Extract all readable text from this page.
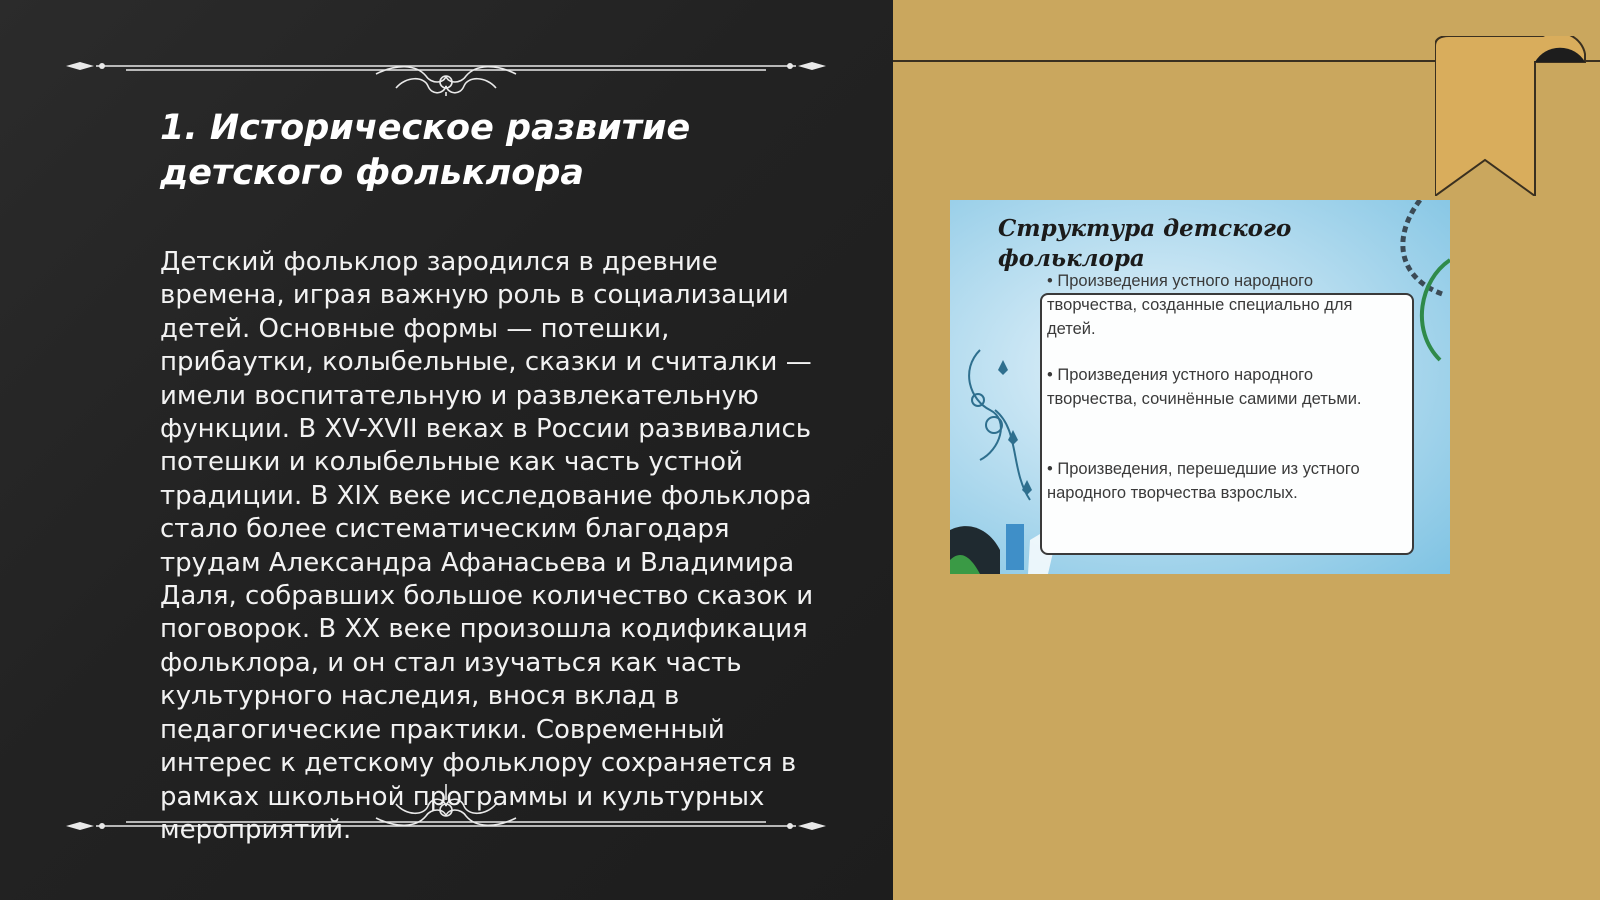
1. Историческое развитие детского фольклора

Детский фольклор зародился в древние времена, играя важную роль в социализации детей. Основные формы — потешки, прибаутки, колыбельные, сказки и считалки — имели воспитательную и развлекательную функции. В XV-XVII веках в России развивались потешки и колыбельные как часть устной традиции. В XIX веке исследование фольклора стало более систематическим благодаря трудам Александра Афанасьева и Владимира Даля, собравших большое количество сказок и поговорок. В XX веке произошла кодификация фольклора, и он стал изучаться как часть культурного наследия, внося вклад в педагогические практики. Современный интерес к детскому фольклору сохраняется в рамках школьной программы и культурных мероприятий.

Структура детского фольклора

• Произведения устного народного творчества, созданные специально для детей.

• Произведения устного народного творчества, сочинённые самими детьми.

• Произведения, перешедшие из устного народного творчества взрослых.
